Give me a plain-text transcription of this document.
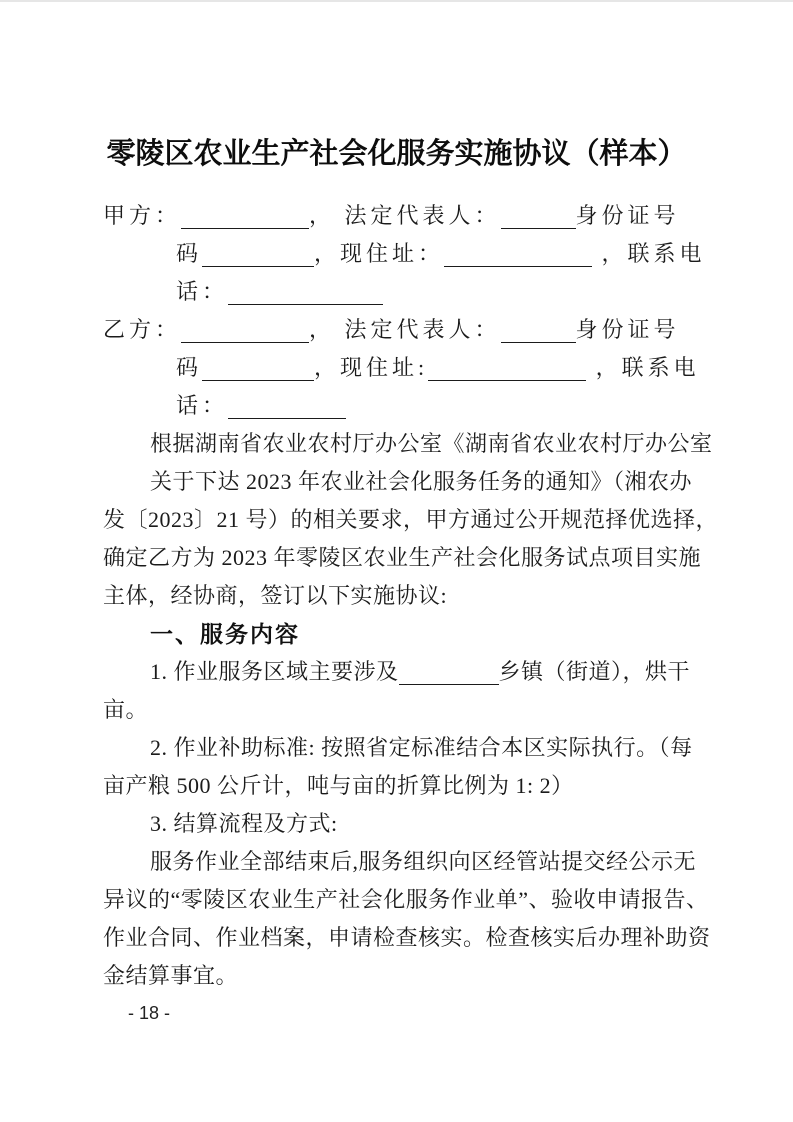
零陵区农业生产社会化服务实施协议（样本）
甲方：	， 法定代表人：	身份证号
码	，现住址：	，联系电
话：
乙方：	， 法定代表人：	身份证号
码	，现住址:	，联系电
话：
根据湖南省农业农村厅办公室《湖南省农业农村厅办公室
关于下达 2023 年农业社会化服务任务的通知》（湘农办
发〔2023〕21 号）的相关要求，甲方通过公开规范择优选择，
确定乙方为 2023 年零陵区农业生产社会化服务试点项目实施
主体，经协商，签订以下实施协议:
一、服务内容
1. 作业服务区域主要涉及	乡镇（街道），烘干
亩。
2. 作业补助标准: 按照省定标准结合本区实际执行。（每
亩产粮 500 公斤计，吨与亩的折算比例为 1: 2）
3. 结算流程及方式:
服务作业全部结束后,服务组织向区经管站提交经公示无
异议的“零陵区农业生产社会化服务作业单”、验收申请报告、
作业合同、作业档案，申请检查核实。检查核实后办理补助资
金结算事宜。
- 18 -
